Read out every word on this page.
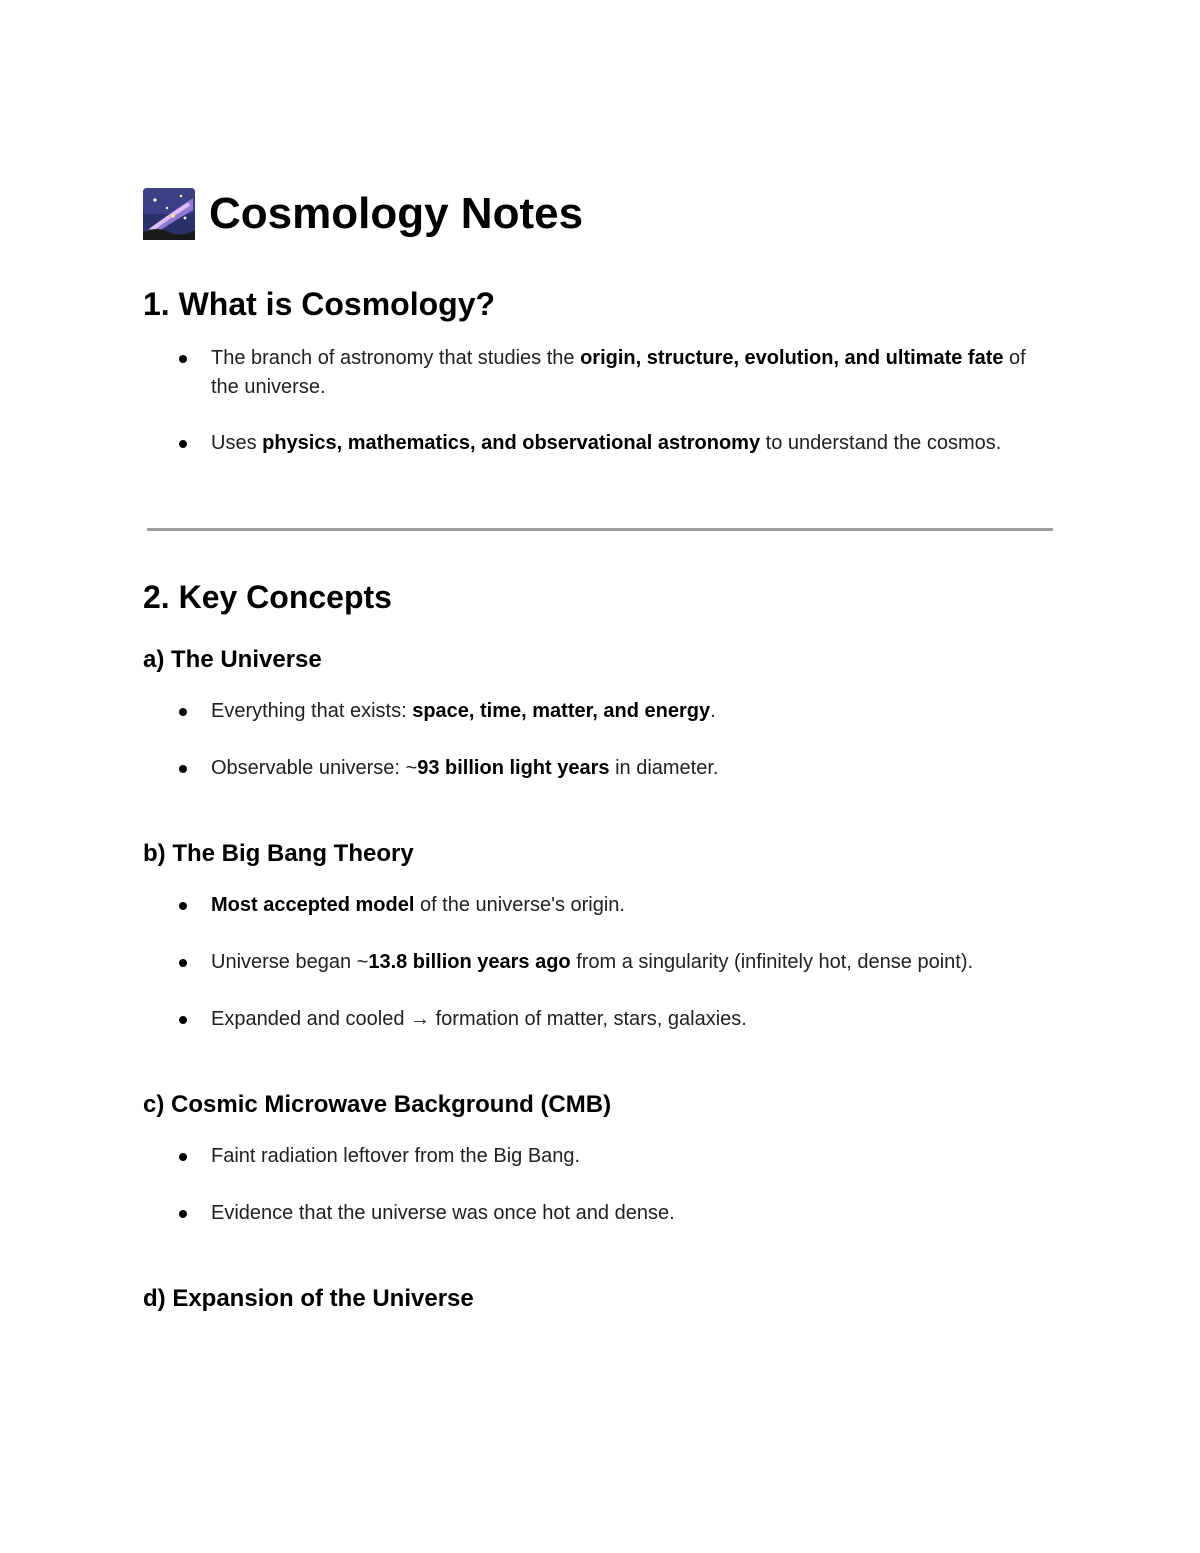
Cosmology Notes
1. What is Cosmology?
The branch of astronomy that studies the origin, structure, evolution, and ultimate fate of the universe.
Uses physics, mathematics, and observational astronomy to understand the cosmos.
2. Key Concepts
a) The Universe
Everything that exists: space, time, matter, and energy.
Observable universe: ~93 billion light years in diameter.
b) The Big Bang Theory
Most accepted model of the universe's origin.
Universe began ~13.8 billion years ago from a singularity (infinitely hot, dense point).
Expanded and cooled → formation of matter, stars, galaxies.
c) Cosmic Microwave Background (CMB)
Faint radiation leftover from the Big Bang.
Evidence that the universe was once hot and dense.
d) Expansion of the Universe
